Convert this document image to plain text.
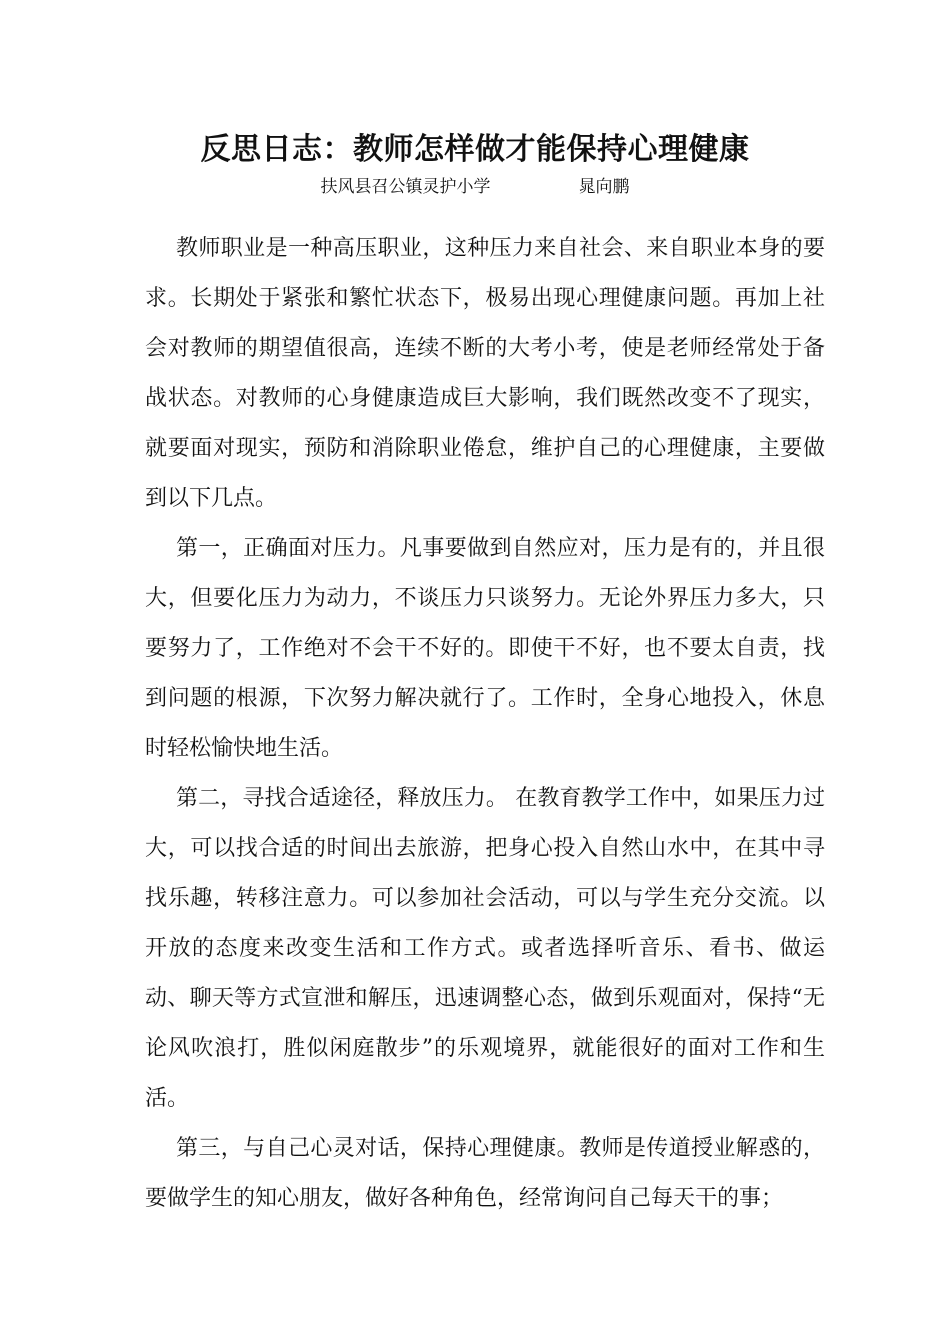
反思日志：教师怎样做才能保持心理健康
扶风县召公镇灵护小学	晁向鹏

教师职业是一种高压职业，这种压力来自社会、来自职业本身的要求。长期处于紧张和繁忙状态下，极易出现心理健康问题。再加上社会对教师的期望值很高，连续不断的大考小考，使是老师经常处于备战状态。对教师的心身健康造成巨大影响，我们既然改变不了现实，就要面对现实，预防和消除职业倦怠，维护自己的心理健康，主要做到以下几点。

第一，正确面对压力。凡事要做到自然应对，压力是有的，并且很大，但要化压力为动力，不谈压力只谈努力。无论外界压力多大，只要努力了，工作绝对不会干不好的。即使干不好，也不要太自责，找到问题的根源，下次努力解决就行了。工作时，全身心地投入，休息时轻松愉快地生活。

第二，寻找合适途径，释放压力。 在教育教学工作中，如果压力过大，可以找合适的时间出去旅游，把身心投入自然山水中，在其中寻找乐趣，转移注意力。可以参加社会活动，可以与学生充分交流。以开放的态度来改变生活和工作方式。或者选择听音乐、看书、做运动、聊天等方式宣泄和解压，迅速调整心态，做到乐观面对，保持“无论风吹浪打，胜似闲庭散步”的乐观境界，就能很好的面对工作和生活。

第三，与自己心灵对话，保持心理健康。教师是传道授业解惑的，要做学生的知心朋友，做好各种角色，经常询问自己每天干的事；
